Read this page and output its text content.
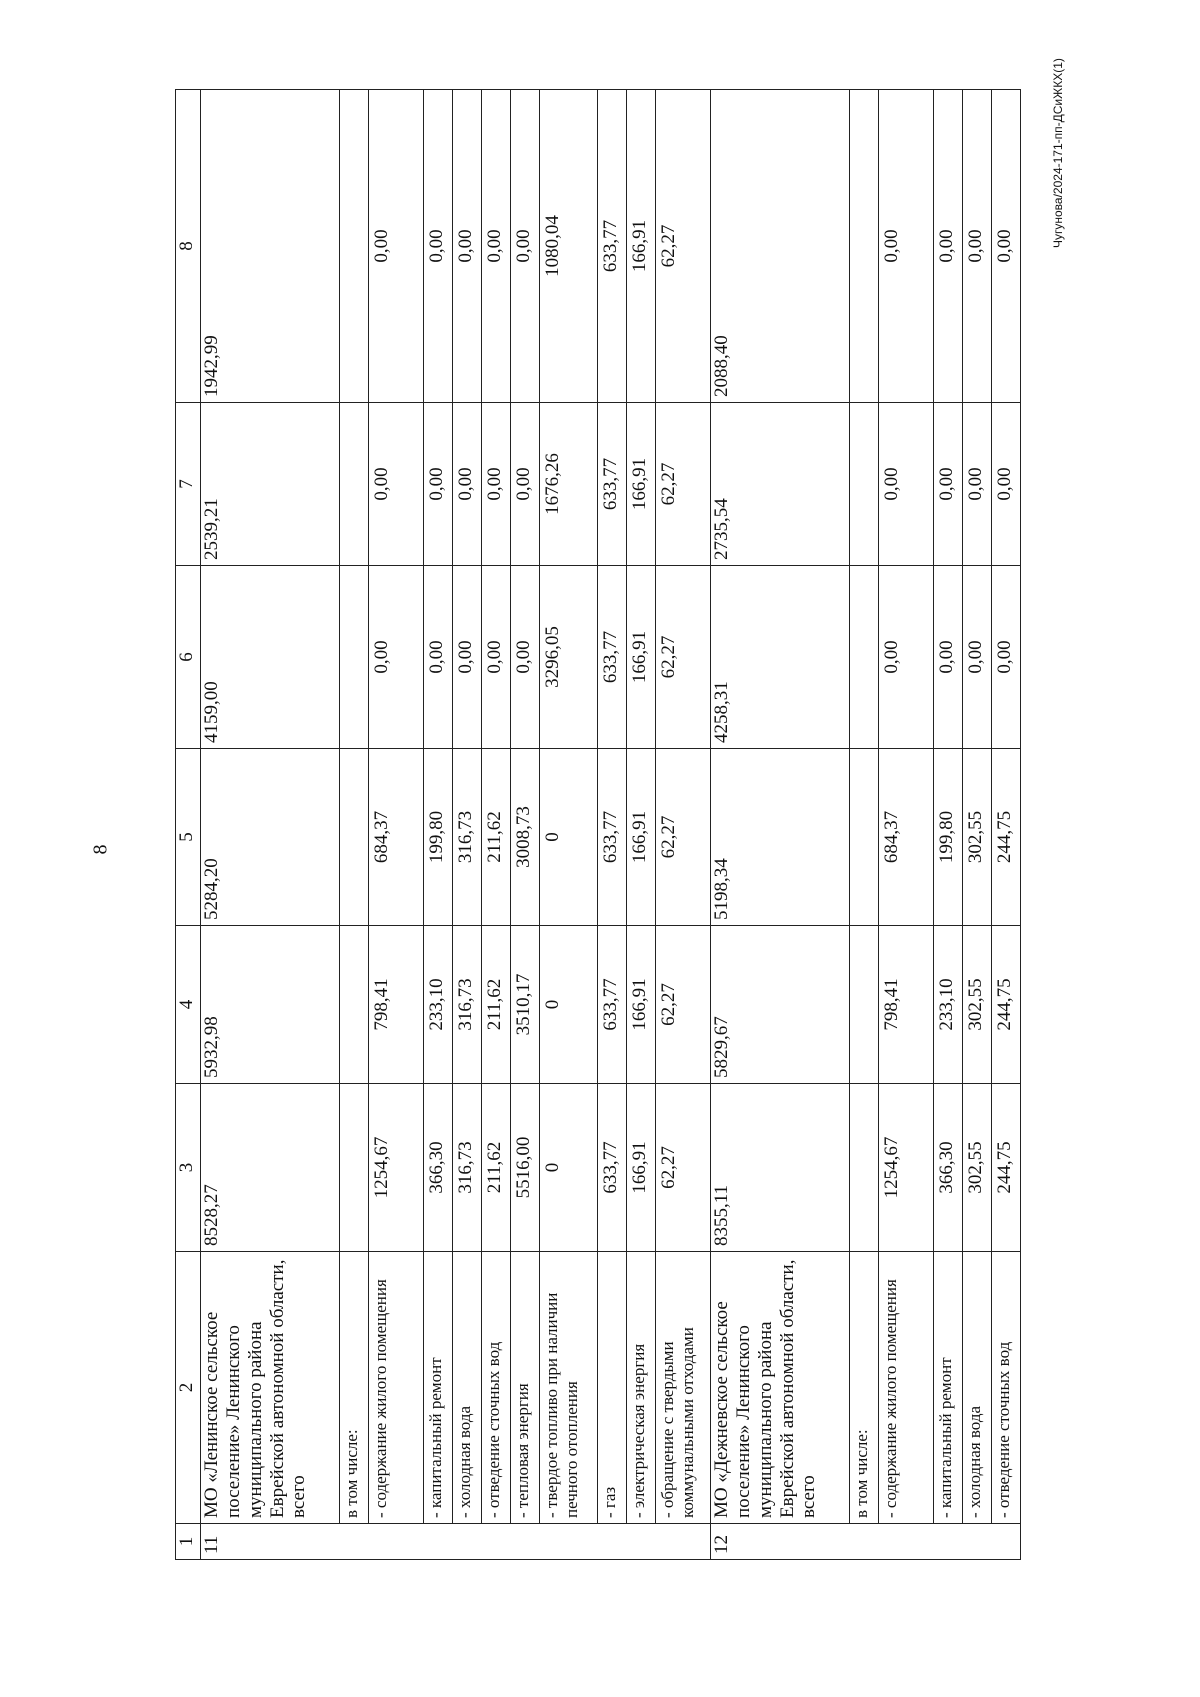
8
Чугунова/2024-171-пп-ДСиЖКХ(1)
1	2	3	4	5	6	7	8
11	МО «Ленинское сельское поселение» Ленинского муниципального района Еврейской автономной области, всего	8528,27	5932,98	5284,20	4159,00	2539,21	1942,99
	в том числе:						
	- содержание жилого помещения	1254,67	798,41	684,37	0,00	0,00	0,00
	- капитальный ремонт	366,30	233,10	199,80	0,00	0,00	0,00
	- холодная вода	316,73	316,73	316,73	0,00	0,00	0,00
	- отведение сточных вод	211,62	211,62	211,62	0,00	0,00	0,00
	- тепловая энергия	5516,00	3510,17	3008,73	0,00	0,00	0,00
	- твердое топливо при наличии печного отопления	0	0	0	3296,05	1676,26	1080,04
	- газ	633,77	633,77	633,77	633,77	633,77	633,77
	- электрическая энергия	166,91	166,91	166,91	166,91	166,91	166,91
	- обращение с твердыми коммунальными отходами	62,27	62,27	62,27	62,27	62,27	62,27
12	МО «Дежневское сельское поселение» Ленинского муниципального района Еврейской автономной области, всего	8355,11	5829,67	5198,34	4258,31	2735,54	2088,40
	в том числе:						
	- содержание жилого помещения	1254,67	798,41	684,37	0,00	0,00	0,00
	- капитальный ремонт	366,30	233,10	199,80	0,00	0,00	0,00
	- холодная вода	302,55	302,55	302,55	0,00	0,00	0,00
	- отведение сточных вод	244,75	244,75	244,75	0,00	0,00	0,00
